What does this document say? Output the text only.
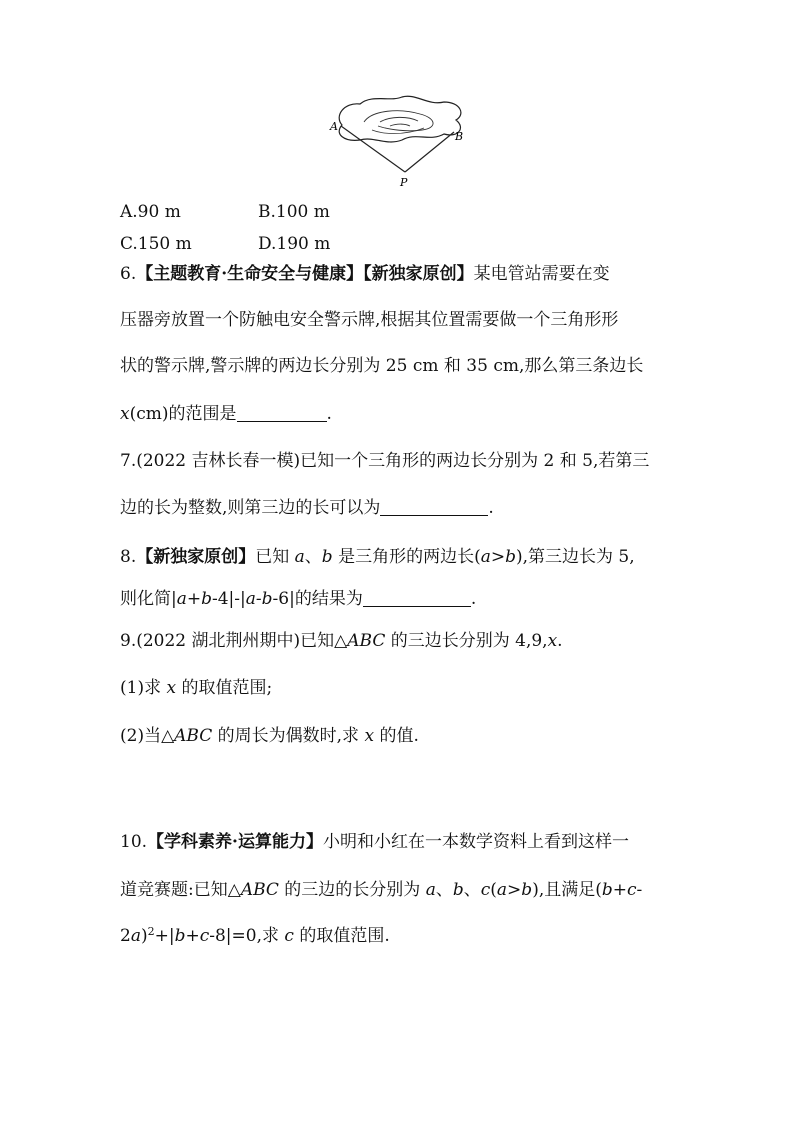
A
B
P
A.90 m	B.100 m
C.150 m	D.190 m
6.【主题教育·生命安全与健康】【新独家原创】某电管站需要在变
压器旁放置一个防触电安全警示牌,根据其位置需要做一个三角形形
状的警示牌,警示牌的两边长分别为 25 cm 和 35 cm,那么第三条边长
x(cm)的范围是	.
7.(2022 吉林长春一模)已知一个三角形的两边长分别为 2 和 5,若第三
边的长为整数,则第三边的长可以为	.
8.【新独家原创】已知 a、b 是三角形的两边长(a>b),第三边长为 5,
则化简|a+b-4|-|a-b-6|的结果为	.
9.(2022 湖北荆州期中)已知△ABC 的三边长分别为 4,9,x.
(1)求 x 的取值范围;
(2)当△ABC 的周长为偶数时,求 x 的值.
10.【学科素养·运算能力】小明和小红在一本数学资料上看到这样一
道竞赛题:已知△ABC 的三边的长分别为 a、b、c(a>b),且满足(b+c-
2a)$^2$+|b+c-8|=0,求 c 的取值范围.
